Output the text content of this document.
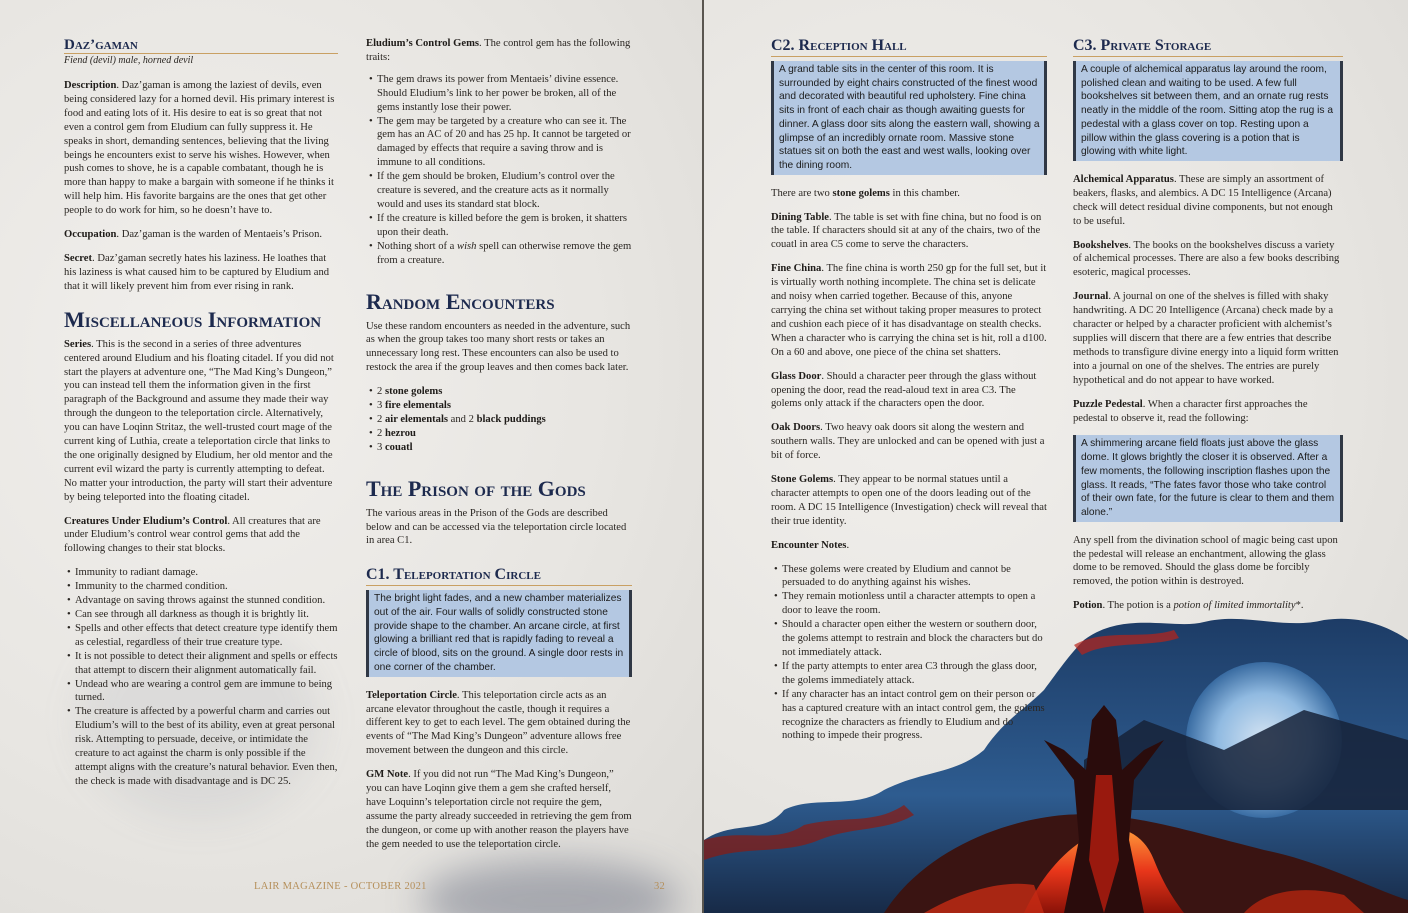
Daz’gaman
Fiend (devil) male, horned devil

Description. Daz’gaman is among the laziest of devils, even being considered lazy for a horned devil. His primary interest is food and eating lots of it. His desire to eat is so great that not even a control gem from Eludium can fully suppress it. He speaks in short, demanding sentences, believing that the living beings he encounters exist to serve his wishes. However, when push comes to shove, he is a capable combatant, though he is more than happy to make a bargain with someone if he thinks it will help him. His favorite bargains are the ones that get other people to do work for him, so he doesn’t have to.

Occupation. Daz’gaman is the warden of Mentaeis’s Prison.

Secret. Daz’gaman secretly hates his laziness. He loathes that his laziness is what caused him to be captured by Eludium and that it will likely prevent him from ever rising in rank.

Miscellaneous Information

Series. This is the second in a series of three adventures centered around Eludium and his floating citadel. If you did not start the players at adventure one, “The Mad King’s Dungeon,” you can instead tell them the information given in the first paragraph of the Background and assume they made their way through the dungeon to the teleportation circle. Alternatively, you can have Loqinn Stritaz, the well-trusted court mage of the current king of Luthia, create a teleportation circle that links to the one originally designed by Eludium, her old mentor and the current evil wizard the party is currently attempting to defeat. No matter your introduction, the party will start their adventure by being teleported into the floating citadel.

Creatures Under Eludium’s Control. All creatures that are under Eludium’s control wear control gems that add the following changes to their stat blocks.

• Immunity to radiant damage.
• Immunity to the charmed condition.
• Advantage on saving throws against the stunned condition.
• Can see through all darkness as though it is brightly lit.
• Spells and other effects that detect creature type identify them as celestial, regardless of their true creature type.
• It is not possible to detect their alignment and spells or effects that attempt to discern their alignment automatically fail.
• Undead who are wearing a control gem are immune to being turned.
• The creature is affected by a powerful charm and carries out Eludium’s will to the best of its ability, even at great personal risk. Attempting to persuade, deceive, or intimidate the creature to act against the charm is only possible if the attempt aligns with the creature’s natural behavior. Even then, the check is made with disadvantage and is DC 25.

Eludium’s Control Gems. The control gem has the following traits:

• The gem draws its power from Mentaeis’ divine essence. Should Eludium’s link to her power be broken, all of the gems instantly lose their power.
• The gem may be targeted by a creature who can see it. The gem has an AC of 20 and has 25 hp. It cannot be targeted or damaged by effects that require a saving throw and is immune to all conditions.
• If the gem should be broken, Eludium’s control over the creature is severed, and the creature acts as it normally would and uses its standard stat block.
• If the creature is killed before the gem is broken, it shatters upon their death.
• Nothing short of a wish spell can otherwise remove the gem from a creature.
Random Encounters

Use these random encounters as needed in the adventure, such as when the group takes too many short rests or takes an unnecessary long rest. These encounters can also be used to restock the area if the group leaves and then comes back later.

• 2 stone golems
• 3 fire elementals
• 2 air elementals and 2 black puddings
• 2 hezrou
• 3 couatl
The Prison of the Gods

The various areas in the Prison of the Gods are described below and can be accessed via the teleportation circle located in area C1.

C1. Teleportation Circle
The bright light fades, and a new chamber materializes out of the air. Four walls of solidly constructed stone provide shape to the chamber. An arcane circle, at first glowing a brilliant red that is rapidly fading to reveal a circle of blood, sits on the ground. A single door rests in one corner of the chamber.

Teleportation Circle. This teleportation circle acts as an arcane elevator throughout the castle, though it requires a different key to get to each level. The gem obtained during the events of “The Mad King’s Dungeon” adventure allows free movement between the dungeon and this circle.

GM Note. If you did not run “The Mad King’s Dungeon,” you can have Loqinn give them a gem she crafted herself, have Loquinn’s teleportation circle not require the gem, assume the party already succeeded in retrieving the gem from the dungeon, or come up with another reason the players have the gem needed to use the teleportation circle.

LAIR MAGAZINE - OCTOBER 2021	32
C2. Reception Hall
A grand table sits in the center of this room. It is surrounded by eight chairs constructed of the finest wood and decorated with beautiful red upholstery. Fine china sits in front of each chair as though awaiting guests for dinner. A glass door sits along the eastern wall, showing a glimpse of an incredibly ornate room. Massive stone statues sit on both the east and west walls, looking over the dining room.

There are two stone golems in this chamber.

Dining Table. The table is set with fine china, but no food is on the table. If characters should sit at any of the chairs, two of the couatl in area C5 come to serve the characters.

Fine China. The fine china is worth 250 gp for the full set, but it is virtually worth nothing incomplete. The china set is delicate and noisy when carried together. Because of this, anyone carrying the china set without taking proper measures to protect and cushion each piece of it has disadvantage on stealth checks. When a character who is carrying the china set is hit, roll a d100. On a 60 and above, one piece of the china set shatters.

Glass Door. Should a character peer through the glass without opening the door, read the read-aloud text in area C3. The golems only attack if the characters open the door.

Oak Doors. Two heavy oak doors sit along the western and southern walls. They are unlocked and can be opened with just a bit of force.

Stone Golems. They appear to be normal statues until a character attempts to open one of the doors leading out of the room. A DC 15 Intelligence (Investigation) check will reveal that their true identity.

Encounter Notes.

• These golems were created by Eludium and cannot be persuaded to do anything against his wishes.
• They remain motionless until a character attempts to open a door to leave the room.
• Should a character open either the western or southern door, the golems attempt to restrain and block the characters but do not immediately attack.
• If the party attempts to enter area C3 through the glass door, the golems immediately attack.
• If any character has an intact control gem on their person or has a captured creature with an intact control gem, the golems recognize the characters as friendly to Eludium and do nothing to impede their progress.
C3. Private Storage
A couple of alchemical apparatus lay around the room, polished clean and waiting to be used. A few full bookshelves sit between them, and an ornate rug rests neatly in the middle of the room. Sitting atop the rug is a pedestal with a glass cover on top. Resting upon a pillow within the glass covering is a potion that is glowing with white light.

Alchemical Apparatus. These are simply an assortment of beakers, flasks, and alembics. A DC 15 Intelligence (Arcana) check will detect residual divine components, but not enough to be useful.

Bookshelves. The books on the bookshelves discuss a variety of alchemical processes. There are also a few books describing esoteric, magical processes.

Journal. A journal on one of the shelves is filled with shaky handwriting. A DC 20 Intelligence (Arcana) check made by a character or helped by a character proficient with alchemist’s supplies will discern that there are a few entries that describe methods to transfigure divine energy into a liquid form written into a journal on one of the shelves. The entries are purely hypothetical and do not appear to have worked.

Puzzle Pedestal. When a character first approaches the pedestal to observe it, read the following:

A shimmering arcane field floats just above the glass dome. It glows brightly the closer it is observed. After a few moments, the following inscription flashes upon the glass. It reads, “The fates favor those who take control of their own fate, for the future is clear to them and them alone.”

Any spell from the divination school of magic being cast upon the pedestal will release an enchantment, allowing the glass dome to be removed. Should the glass dome be forcibly removed, the potion within is destroyed.

Potion. The potion is a potion of limited immortality*.
